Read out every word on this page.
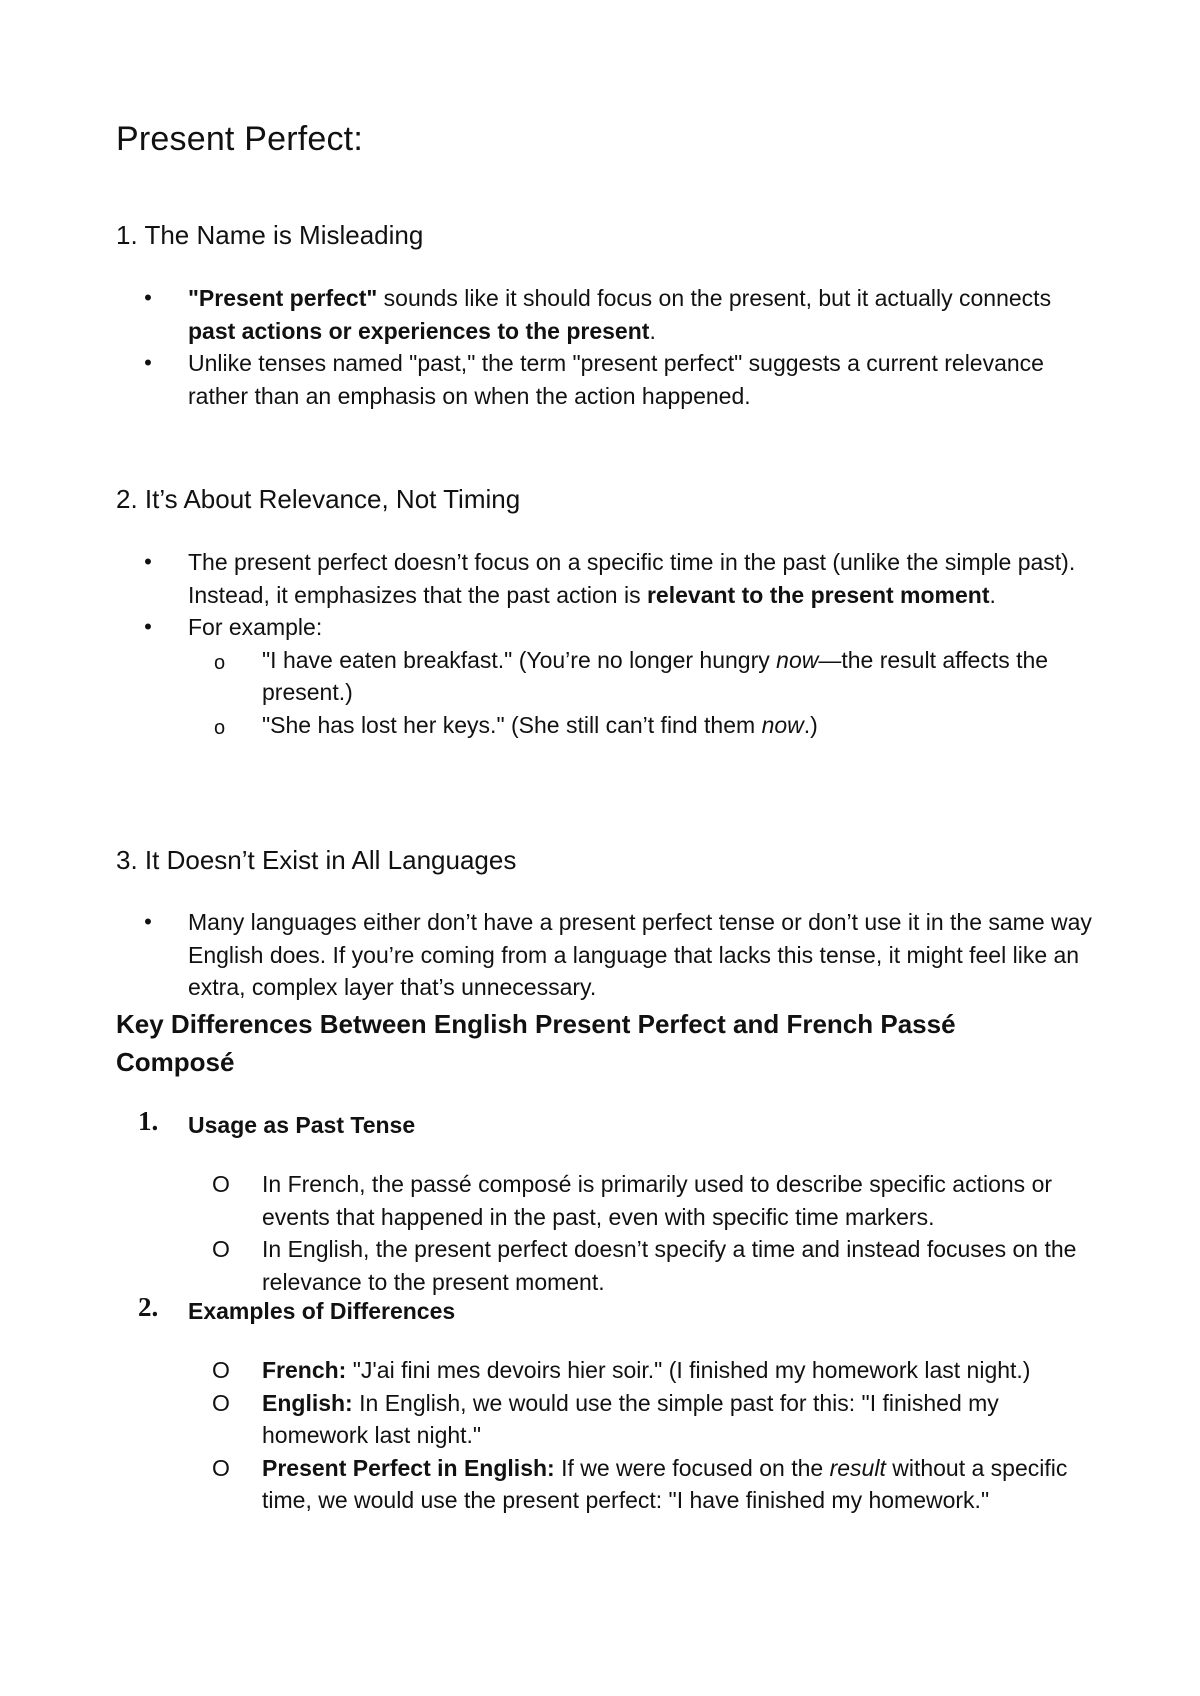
Present Perfect:
1. The Name is Misleading
• "Present perfect" sounds like it should focus on the present, but it actually connects past actions or experiences to the present.
• Unlike tenses named "past," the term "present perfect" suggests a current relevance rather than an emphasis on when the action happened.
2. It’s About Relevance, Not Timing
• The present perfect doesn’t focus on a specific time in the past (unlike the simple past). Instead, it emphasizes that the past action is relevant to the present moment.
• For example:
o "I have eaten breakfast." (You’re no longer hungry now—the result affects the present.)
o "She has lost her keys." (She still can’t find them now.)
3. It Doesn’t Exist in All Languages
• Many languages either don’t have a present perfect tense or don’t use it in the same way English does. If you’re coming from a language that lacks this tense, it might feel like an extra, complex layer that’s unnecessary.
Key Differences Between English Present Perfect and French Passé Composé
1. Usage as Past Tense
O In French, the passé composé is primarily used to describe specific actions or events that happened in the past, even with specific time markers.
O In English, the present perfect doesn’t specify a time and instead focuses on the relevance to the present moment.
2. Examples of Differences
O French: "J'ai fini mes devoirs hier soir." (I finished my homework last night.)
O English: In English, we would use the simple past for this: "I finished my homework last night."
O Present Perfect in English: If we were focused on the result without a specific time, we would use the present perfect: "I have finished my homework."
